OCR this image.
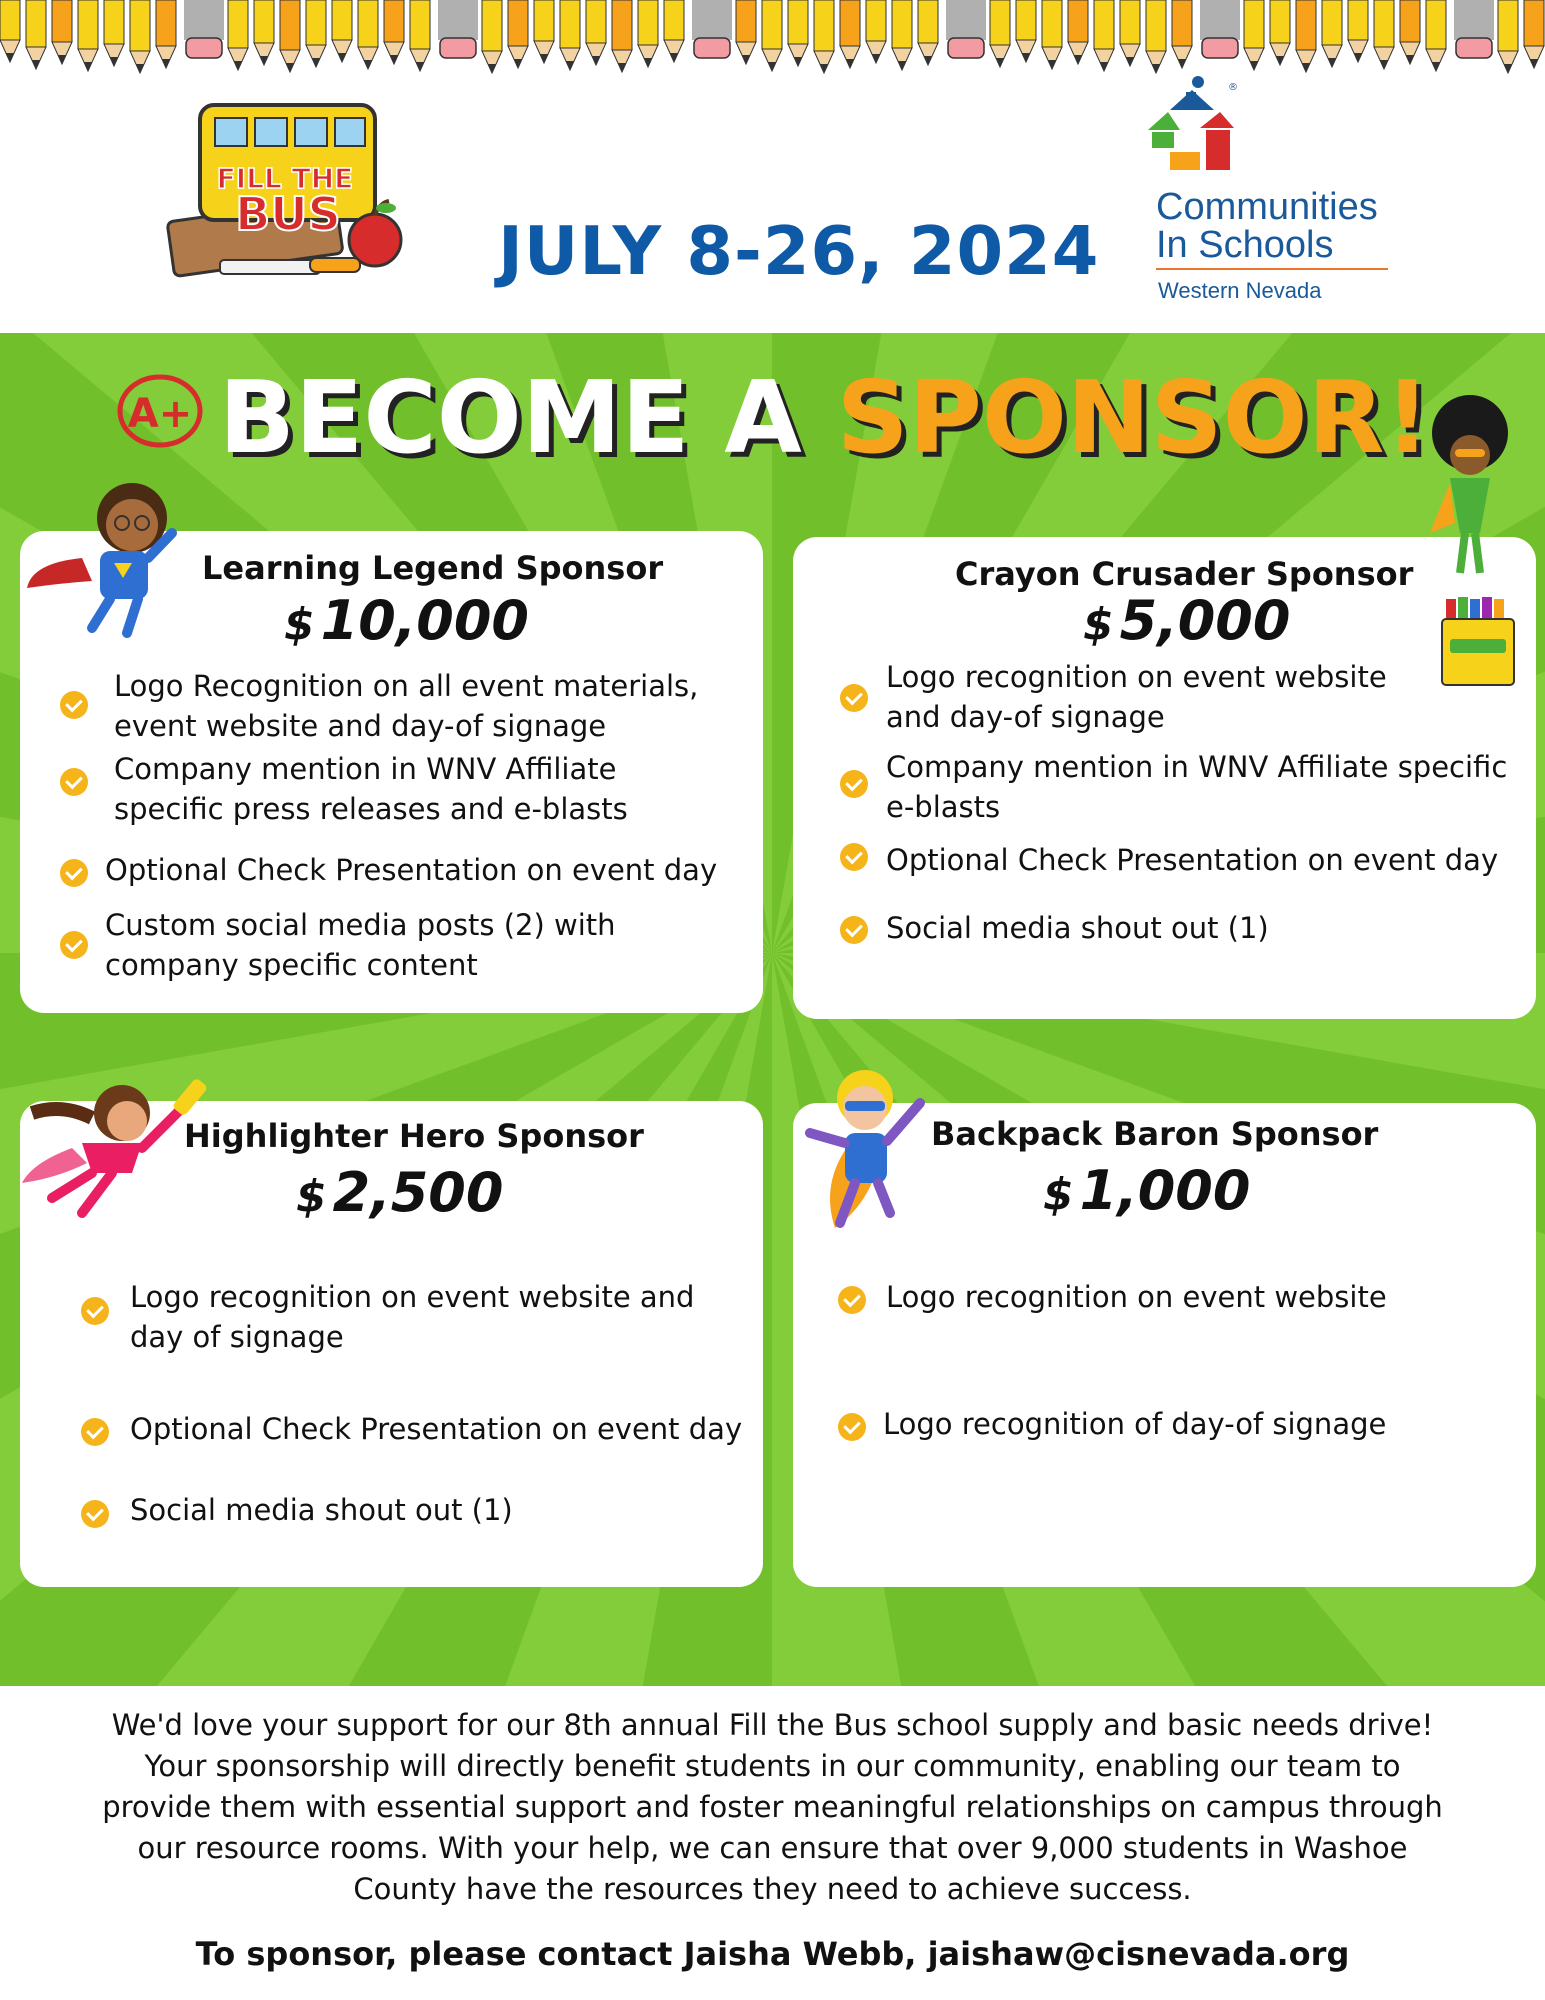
FILL THE
BUS JULY 8-26, 2024
®
Communities
In Schools
Western Nevada
A+ BECOME A SPONSOR!
Learning Legend Sponsor
$ 10,000
Logo Recognition on all event materials, event website and day-of signage
Company mention in WNV Affiliate specific press releases and e-blasts
Optional Check Presentation on event day
Custom social media posts (2) with company specific content
Crayon Crusader Sponsor
$ 5,000
Logo recognition on event website and day-of signage
Company mention in WNV Affiliate specific e-blasts
Optional Check Presentation on event day
Social media shout out (1)
Highlighter Hero Sponsor
$ 2,500
Logo recognition on event website and day of signage
Optional Check Presentation on event day
Social media shout out (1)
Backpack Baron Sponsor
$ 1,000
Logo recognition on event website
Logo recognition of day-of signage
We'd love your support for our 8th annual Fill the Bus school supply and basic needs drive! Your sponsorship will directly benefit students in our community, enabling our team to provide them with essential support and foster meaningful relationships on campus through our resource rooms. With your help, we can ensure that over 9,000 students in Washoe County have the resources they need to achieve success.
To sponsor, please contact Jaisha Webb, jaishaw@cisnevada.org
